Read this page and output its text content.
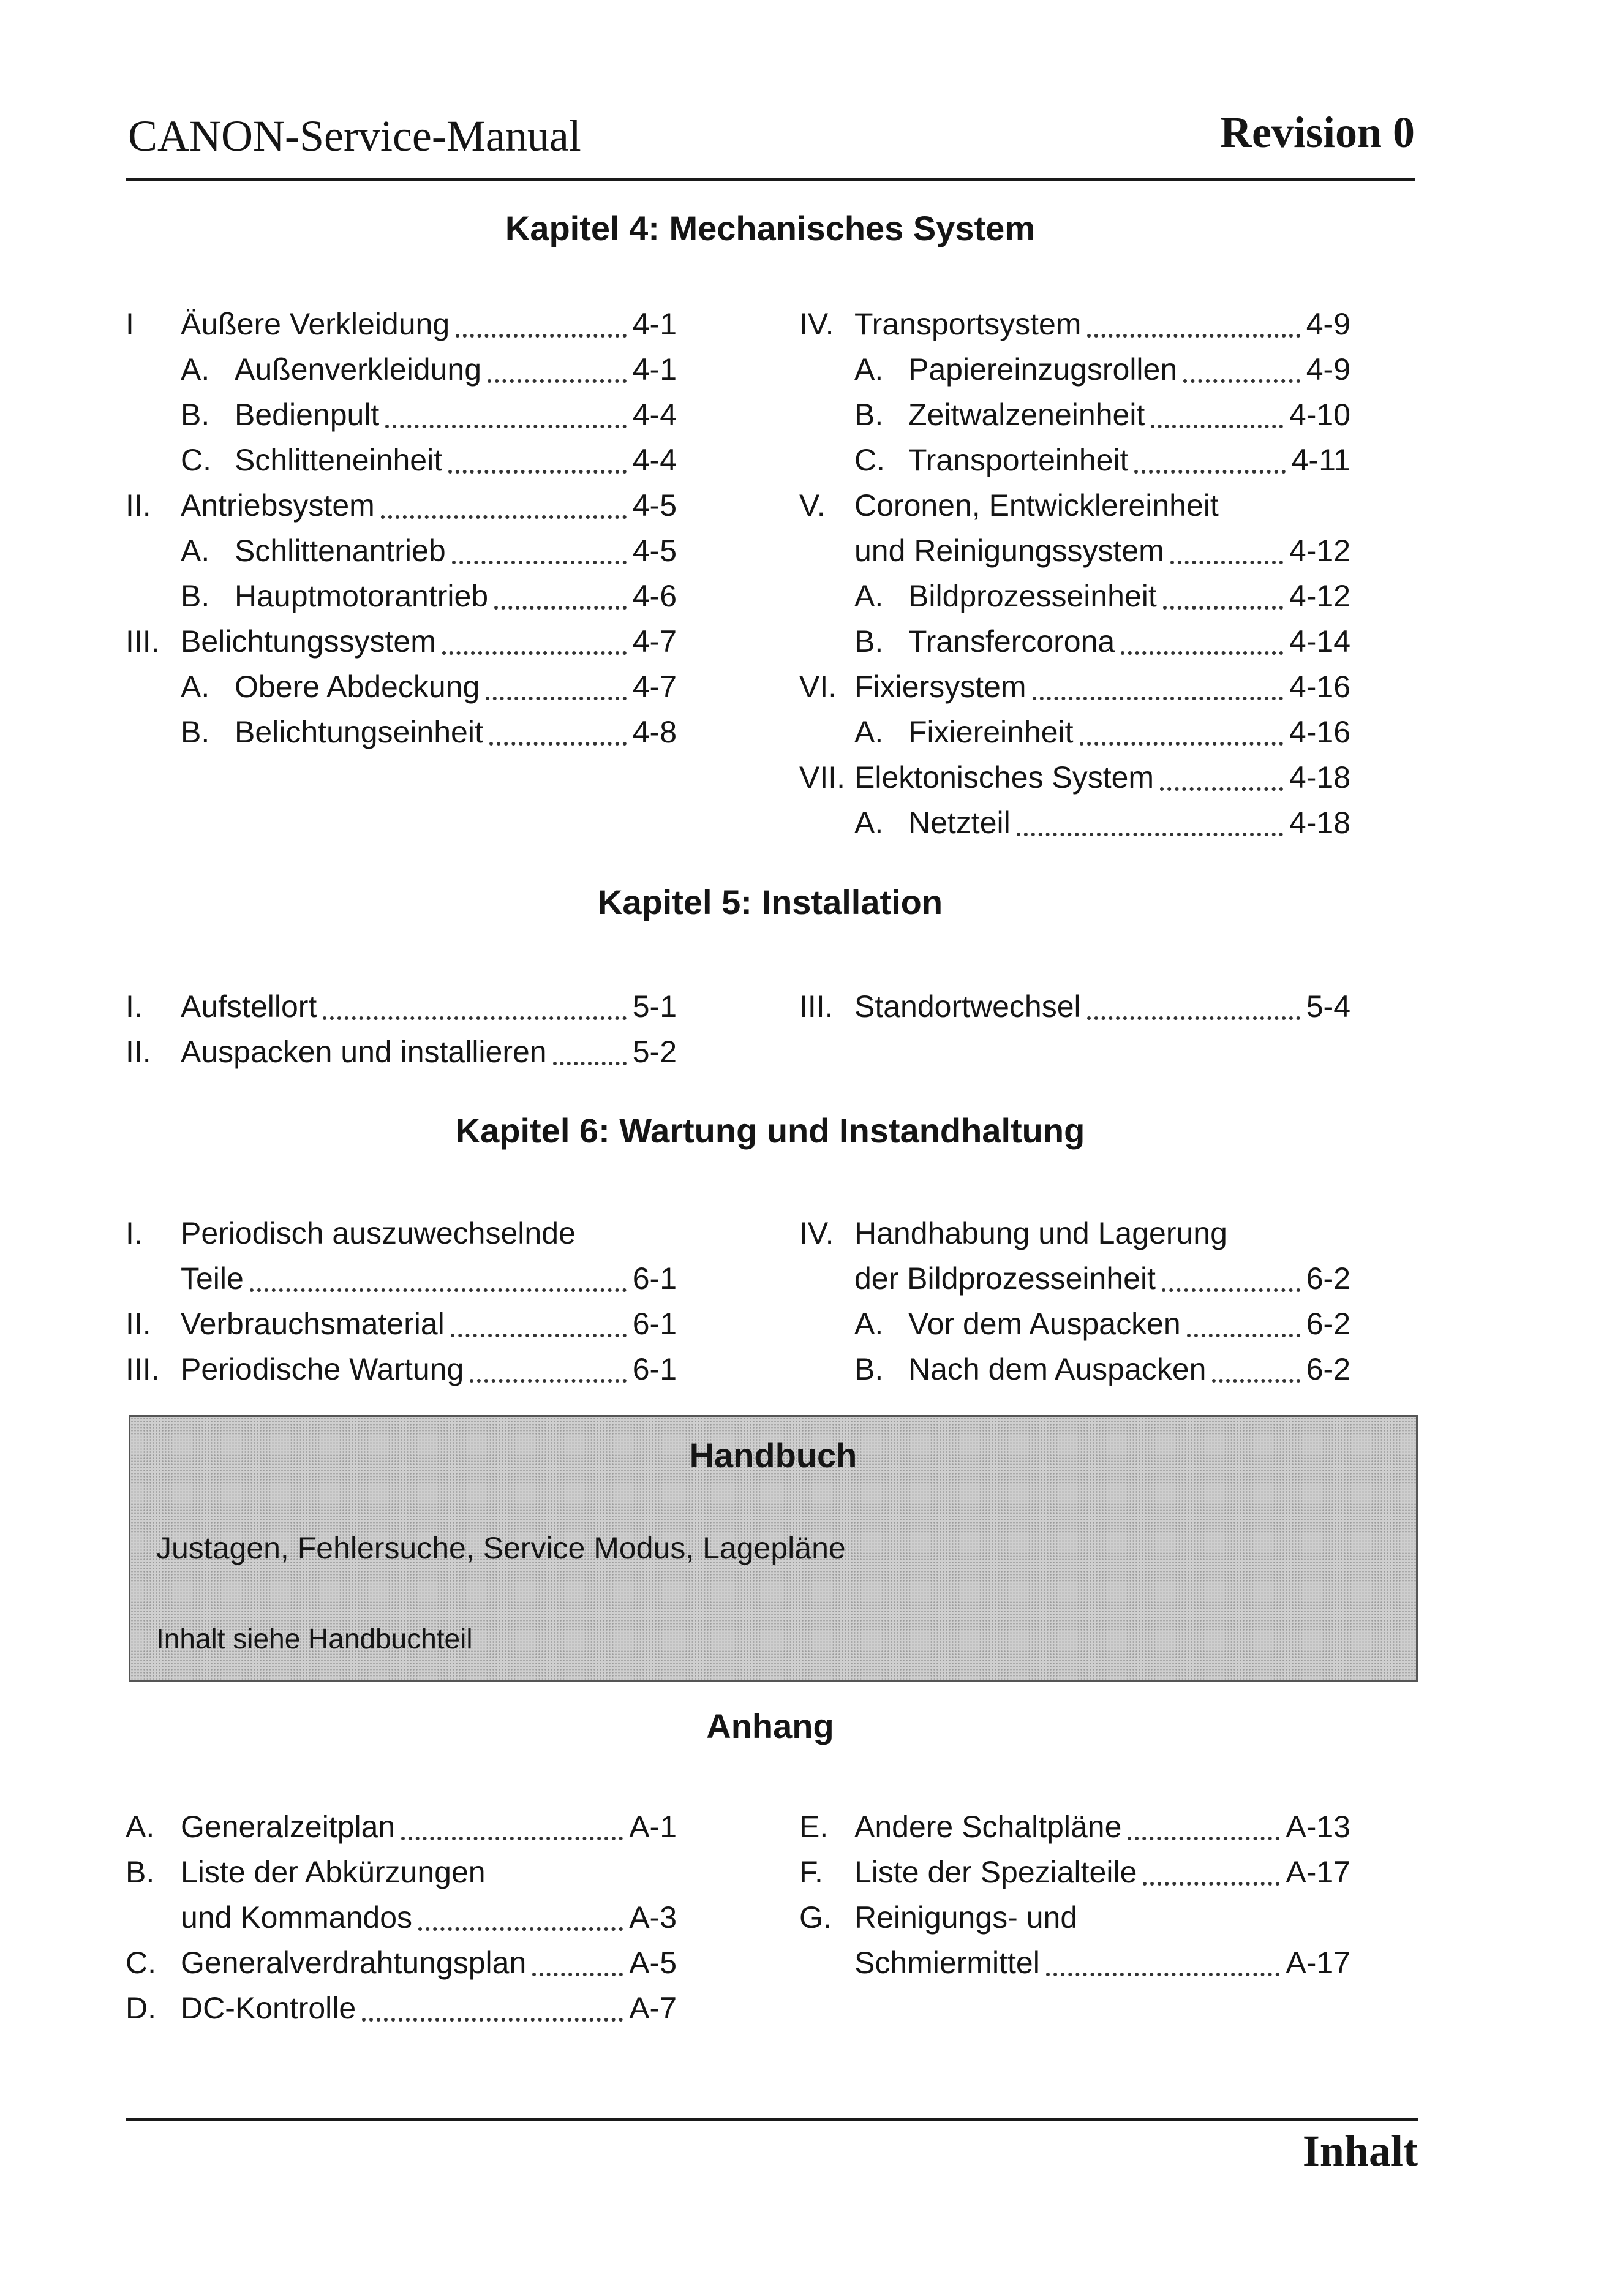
CANON-Service-Manual	Revision 0
Kapitel 4: Mechanisches System
I	Äußere Verkleidung	4-1
A. Außenverkleidung	4-1
B. Bedienpult	4-4
C. Schlitteneinheit	4-4
II. Antriebsystem	4-5
A. Schlittenantrieb	4-5
B. Hauptmotorantrieb	4-6
III. Belichtungssystem	4-7
A. Obere Abdeckung	4-7
B. Belichtungseinheit	4-8
IV. Transportsystem	4-9
A. Papiereinzugsrollen	4-9
B. Zeitwalzeneinheit	4-10
C. Transporteinheit	4-11
V. Coronen, Entwicklereinheit
und Reinigungssystem	4-12
A. Bildprozesseinheit	4-12
B. Transfercorona	4-14
VI. Fixiersystem	4-16
A. Fixiereinheit	4-16
VII. Elektonisches System	4-18
A. Netzteil	4-18
Kapitel 5: Installation
I.	Aufstellort	5-1
II. Auspacken und installieren	5-2
III. Standortwechsel	5-4
Kapitel 6: Wartung und Instandhaltung
I.	Periodisch auszuwechselnde
Teile	6-1
II. Verbrauchsmaterial	6-1
III. Periodische Wartung	6-1
IV. Handhabung und Lagerung
der Bildprozesseinheit	6-2
A. Vor dem Auspacken	6-2
B. Nach dem Auspacken	6-2
Handbuch
Justagen, Fehlersuche, Service Modus, Lagepläne
Inhalt siehe Handbuchteil
Anhang
A. Generalzeitplan	A-1
B. Liste der Abkürzungen
und Kommandos	A-3
C. Generalverdrahtungsplan	A-5
D. DC-Kontrolle	A-7
E. Andere Schaltpläne	A-13
F.	Liste der Spezialteile	A-17
G. Reinigungs- und
Schmiermittel	A-17
Inhalt
